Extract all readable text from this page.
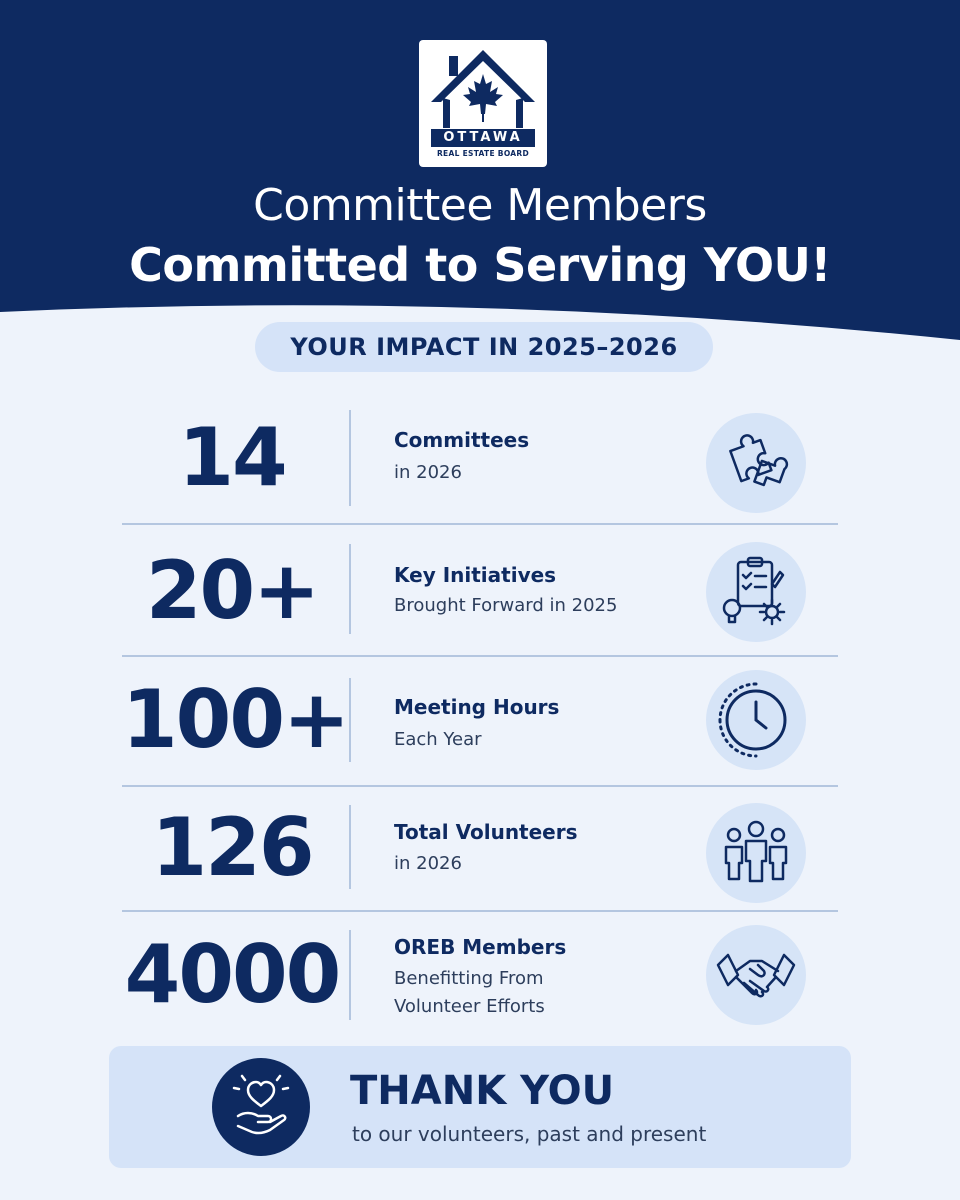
OTTAWA
REAL ESTATE BOARD
Committee Members
Committed to Serving YOU!
YOUR IMPACT IN 2025–2026
14	Committees
in 2026
20+	Key Initiatives
Brought Forward in 2025
100+ Meeting Hours
Each Year
126	Total Volunteers
in 2026
4000	OREB Members
Benefitting From
Volunteer Efforts
THANK YOU
to our volunteers, past and present
